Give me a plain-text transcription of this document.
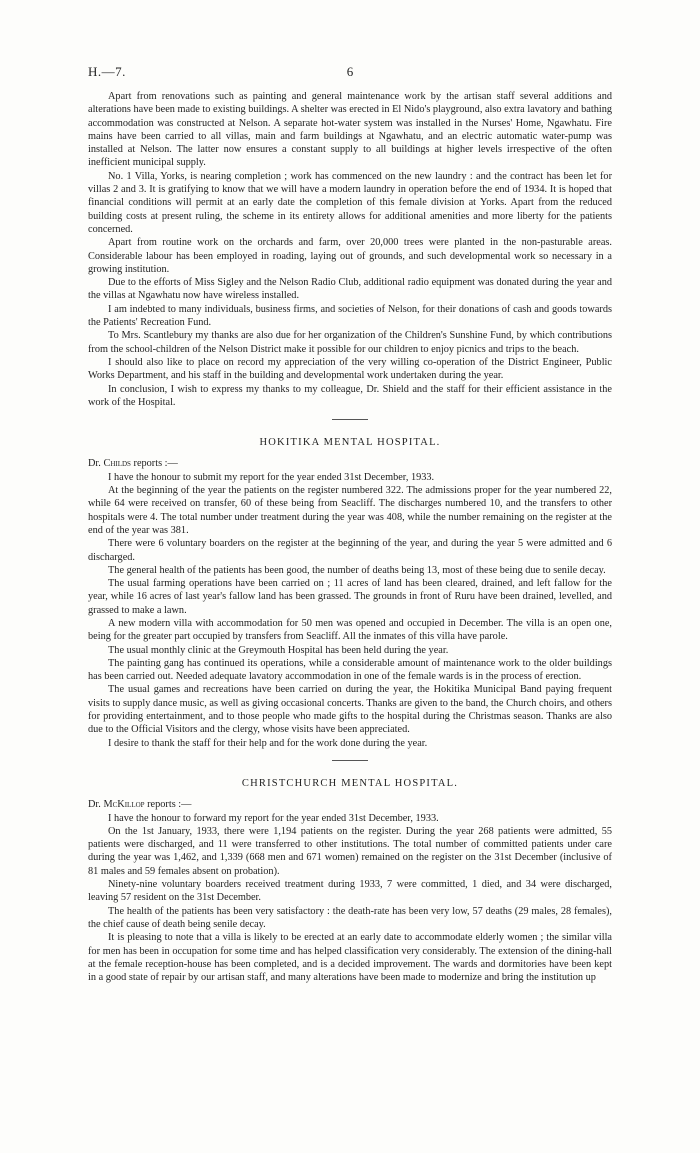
H.—7.	6

Apart from renovations such as painting and general maintenance work by the artisan staff several additions and alterations have been made to existing buildings. A shelter was erected in El Nido's playground, also extra lavatory and bathing accommodation was constructed at Nelson. A separate hot-water system was installed in the Nurses' Home, Ngawhatu. Fire mains have been carried to all villas, main and farm buildings at Ngawhatu, and an electric automatic water-pump was installed at Nelson. The latter now ensures a constant supply to all buildings at higher levels irrespective of the often inefficient municipal supply.

No. 1 Villa, Yorks, is nearing completion ; work has commenced on the new laundry : and the contract has been let for villas 2 and 3. It is gratifying to know that we will have a modern laundry in operation before the end of 1934. It is hoped that financial conditions will permit at an early date the completion of this female division at Yorks. Apart from the reduced building costs at present ruling, the scheme in its entirety allows for additional amenities and more liberty for the patients concerned.

Apart from routine work on the orchards and farm, over 20,000 trees were planted in the non-pasturable areas. Considerable labour has been employed in roading, laying out of grounds, and such developmental work so necessary in a growing institution.

Due to the efforts of Miss Sigley and the Nelson Radio Club, additional radio equipment was donated during the year and the villas at Ngawhatu now have wireless installed.

I am indebted to many individuals, business firms, and societies of Nelson, for their donations of cash and goods towards the Patients' Recreation Fund.

To Mrs. Scantlebury my thanks are also due for her organization of the Children's Sunshine Fund, by which contributions from the school-children of the Nelson District make it possible for our children to enjoy picnics and trips to the beach.

I should also like to place on record my appreciation of the very willing co-operation of the District Engineer, Public Works Department, and his staff in the building and developmental work undertaken during the year.

In conclusion, I wish to express my thanks to my colleague, Dr. Shield and the staff for their efficient assistance in the work of the Hospital.

HOKITIKA MENTAL HOSPITAL.

Dr. Childs reports :—

I have the honour to submit my report for the year ended 31st December, 1933.

At the beginning of the year the patients on the register numbered 322. The admissions proper for the year numbered 22, while 64 were received on transfer, 60 of these being from Seacliff. The discharges numbered 10, and the transfers to other hospitals were 4. The total number under treatment during the year was 408, while the number remaining on the register at the end of the year was 381.

There were 6 voluntary boarders on the register at the beginning of the year, and during the year 5 were admitted and 6 discharged.

The general health of the patients has been good, the number of deaths being 13, most of these being due to senile decay.

The usual farming operations have been carried on ; 11 acres of land has been cleared, drained, and left fallow for the year, while 16 acres of last year's fallow land has been grassed. The grounds in front of Ruru have been drained, levelled, and grassed to make a lawn.

A new modern villa with accommodation for 50 men was opened and occupied in December. The villa is an open one, being for the greater part occupied by transfers from Seacliff. All the inmates of this villa have parole.

The usual monthly clinic at the Greymouth Hospital has been held during the year.

The painting gang has continued its operations, while a considerable amount of maintenance work to the older buildings has been carried out. Needed adequate lavatory accommodation in one of the female wards is in the process of erection.

The usual games and recreations have been carried on during the year, the Hokitika Municipal Band paying frequent visits to supply dance music, as well as giving occasional concerts. Thanks are given to the band, the Church choirs, and others for providing entertainment, and to those people who made gifts to the hospital during the Christmas season. Thanks are also due to the Official Visitors and the clergy, whose visits have been appreciated.

I desire to thank the staff for their help and for the work done during the year.

CHRISTCHURCH MENTAL HOSPITAL.

Dr. McKillop reports :—

I have the honour to forward my report for the year ended 31st December, 1933.

On the 1st January, 1933, there were 1,194 patients on the register. During the year 268 patients were admitted, 55 patients were discharged, and 11 were transferred to other institutions. The total number of committed patients under care during the year was 1,462, and 1,339 (668 men and 671 women) remained on the register on the 31st December (inclusive of 81 males and 59 females absent on probation).

Ninety-nine voluntary boarders received treatment during 1933, 7 were committed, 1 died, and 34 were discharged, leaving 57 resident on the 31st December.

The health of the patients has been very satisfactory : the death-rate has been very low, 57 deaths (29 males, 28 females), the chief cause of death being senile decay.

It is pleasing to note that a villa is likely to be erected at an early date to accommodate elderly women ; the similar villa for men has been in occupation for some time and has helped classification very considerably. The extension of the dining-hall at the female reception-house has been completed, and is a decided improvement. The wards and dormitories have been kept in a good state of repair by our artisan staff, and many alterations have been made to modernize and bring the institution up
